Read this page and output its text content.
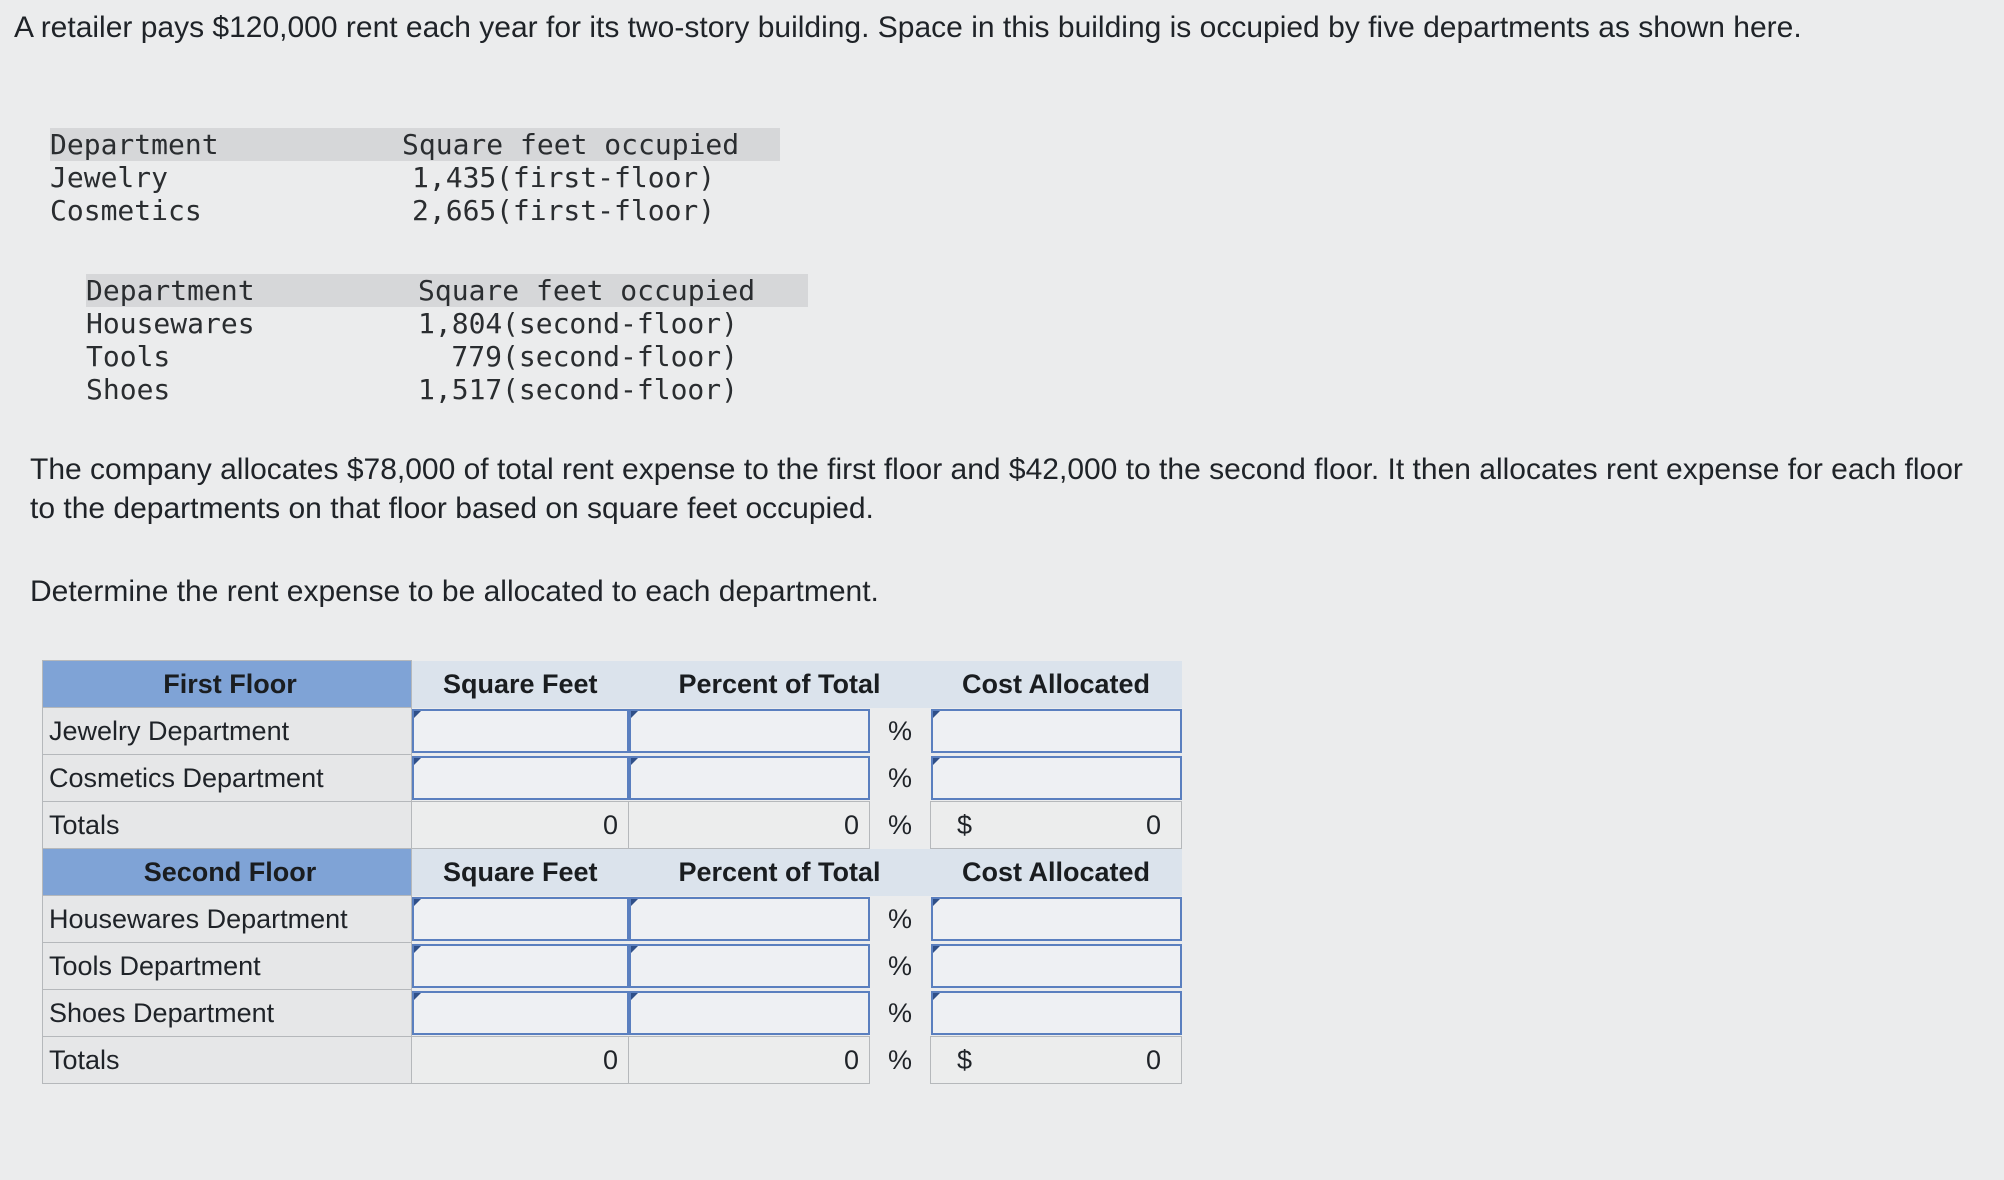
A retailer pays $120,000 rent each year for its two-story building. Space in this building is occupied by five departments as shown here.

Department	Square feet occupied
Jewelry	1,435 (first-floor)
Cosmetics	2,665 (first-floor)
Department	Square feet occupied
Housewares	1,804 (second-floor)
Tools	779 (second-floor)
Shoes	1,517 (second-floor)

The company allocates $78,000 of total rent expense to the first floor and $42,000 to the second floor. It then allocates rent expense for each floor to the departments on that floor based on square feet occupied.

Determine the rent expense to be allocated to each department.

First Floor	Square Feet	Percent of Total		Cost Allocated
Jewelry Department			%	

Cosmetics Department			%	

Totals	0	0	%	$ 0

Second Floor	Square Feet	Percent of Total		Cost Allocated
Housewares Department			%	

Tools Department			%	

Shoes Department			%	

Totals	0	0	%	$ 0
